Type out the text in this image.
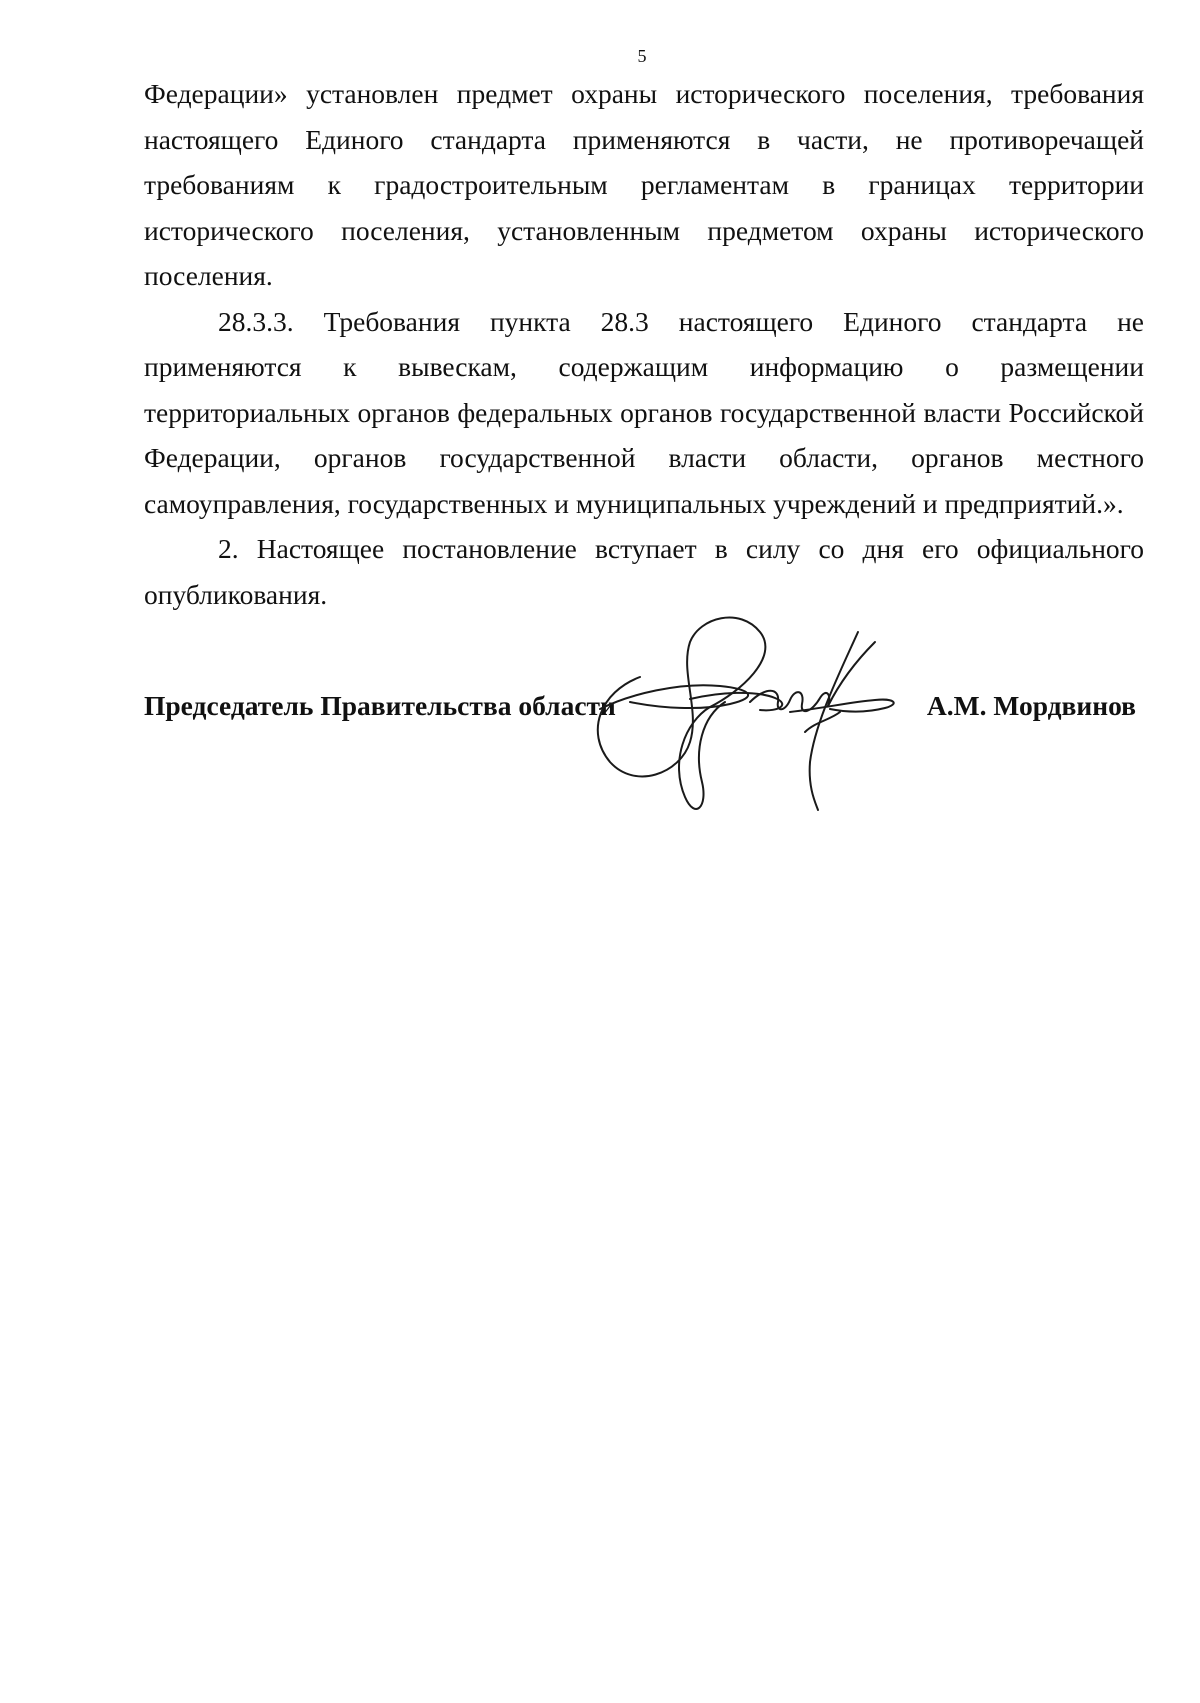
5

Федерации» установлен предмет охраны исторического поселения, требования настоящего Единого стандарта применяются в части, не противоречащей требованиям к градостроительным регламентам в границах территории исторического поселения, установленным предметом охраны исторического поселения.

28.3.3. Требования пункта 28.3 настоящего Единого стандарта не применяются к вывескам, содержащим информацию о размещении территориальных органов федеральных органов государственной власти Российской Федерации, органов государственной власти области, органов местного самоуправления, государственных и муниципальных учреждений и предприятий.».

2. Настоящее постановление вступает в силу со дня его официального опубликования.

Председатель Правительства области	А.М. Мордвинов
